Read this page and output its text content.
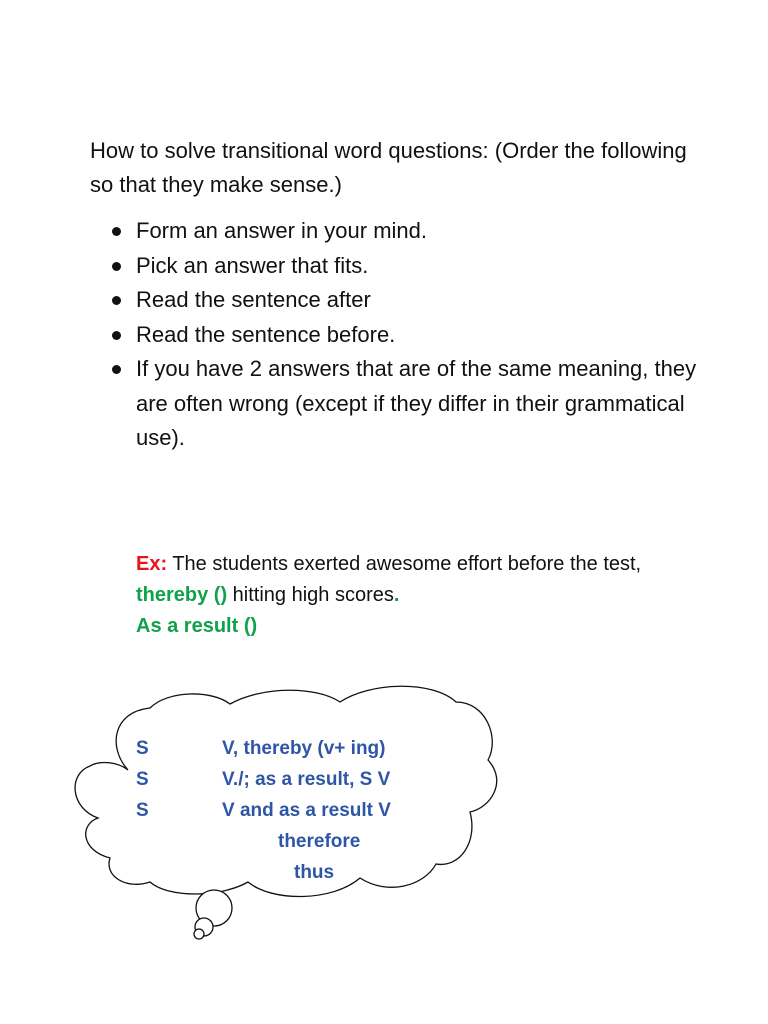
How to solve transitional word questions: (Order the following so that they make sense.)

Form an answer in your mind.
Pick an answer that fits.
Read the sentence after
Read the sentence before.
If you have 2 answers that are of the same meaning, they are often wrong (except if they differ in their grammatical use).

Ex: The students exerted awesome effort before the test,

thereby () hitting high scores.

As a result ()

S
S
S
V, thereby (v+ ing)
V./; as a result, S V
V and as a result V
therefore
thus
